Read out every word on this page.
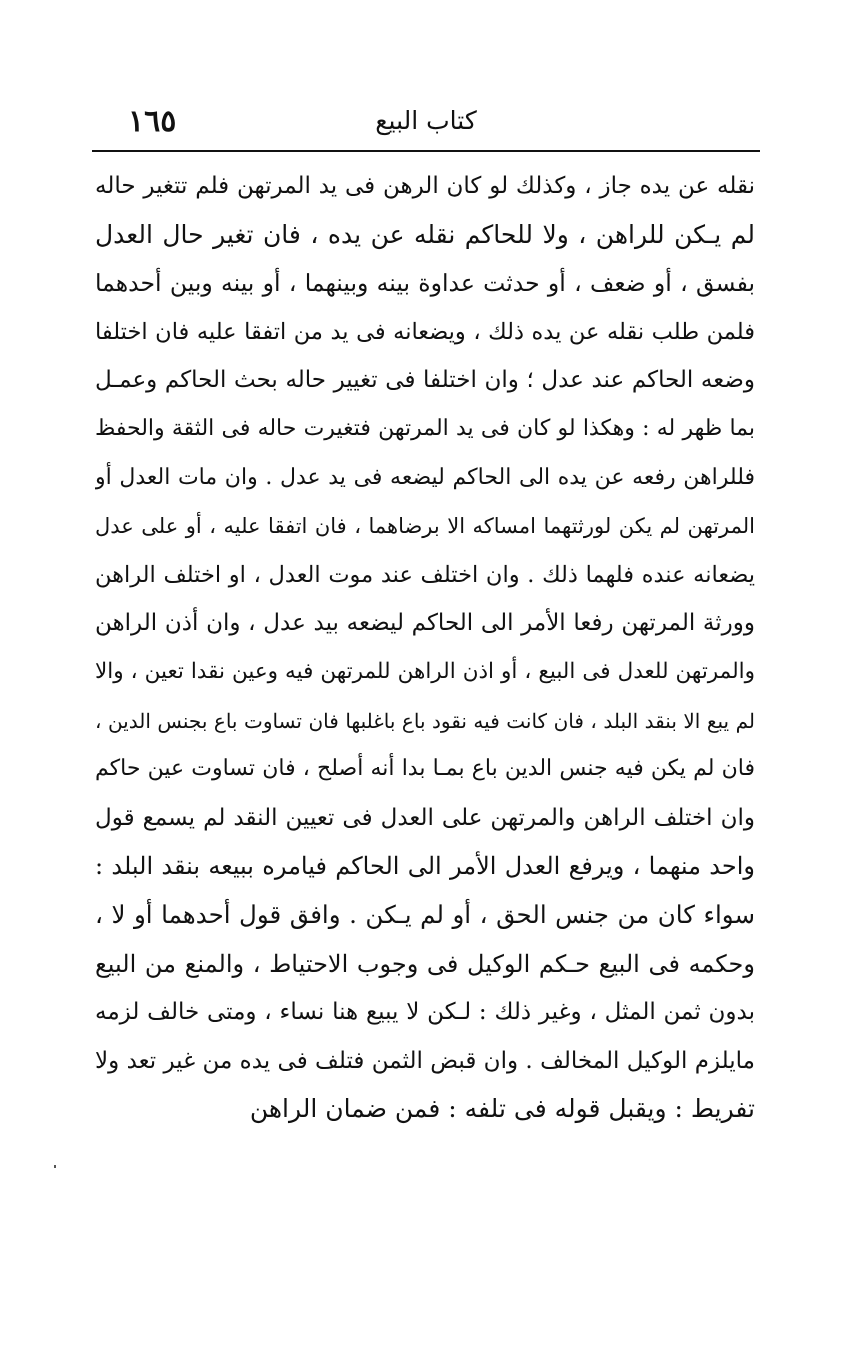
١٦٥	كتاب البيع
نقله عن يده جاز ، وكذلك لو كان الرهن فى يد المرتهن فلم تتغير حاله
لم يـكن للراهن ، ولا للحاكم نقله عن يده ، فان تغير حال العدل
بفسق ، أو ضعف ، أو حدثت عداوة بينه وبينهما ، أو بينه وبين أحدهما
فلمن طلب نقله عن يده ذلك ، ويضعانه فى يد من اتفقا عليه فان اختلفا
وضعه الحاكم عند عدل ؛ وان اختلفا فى تغيير حاله بحث الحاكم وعمـل
بما ظهر له : وهكذا لو كان فى يد المرتهن فتغيرت حاله فى الثقة والحفظ
فللراهن رفعه عن يده الى الحاكم ليضعه فى يد عدل . وان مات العدل أو
المرتهن لم يكن لورثتهما امساكه الا برضاهما ، فان اتفقا عليه ، أو على عدل
يضعانه عنده فلهما ذلك . وان اختلف عند موت العدل ، او اختلف الراهن
وورثة المرتهن رفعا الأمر الى الحاكم ليضعه بيد عدل ، وان أذن الراهن
والمرتهن للعدل فى البيع ، أو اذن الراهن للمرتهن فيه وعين نقدا تعين ، والا
لم يبع الا بنقد البلد ، فان كانت فيه نقود باع باغلبها فان تساوت باع بجنس الدين ،
فان لم يكن فيه جنس الدين باع بمـا بدا أنه أصلح ، فان تساوت عين حاكم
وان اختلف الراهن والمرتهن على العدل فى تعيين النقد لم يسمع قول
واحد منهما ، ويرفع العدل الأمر الى الحاكم فيامره ببيعه بنقد البلد :
سواء كان من جنس الحق ، أو لم يـكن . وافق قول أحدهما أو لا ،
وحكمه فى البيع حـكم الوكيل فى وجوب الاحتياط ، والمنع من البيع
بدون ثمن المثل ، وغير ذلك : لـكن لا يبيع هنا نساء ، ومتى خالف لزمه
مايلزم الوكيل المخالف . وان قبض الثمن فتلف فى يده من غير تعد ولا
تفريط : ويقبل قوله فى تلفه : فمن ضمان الراهن
